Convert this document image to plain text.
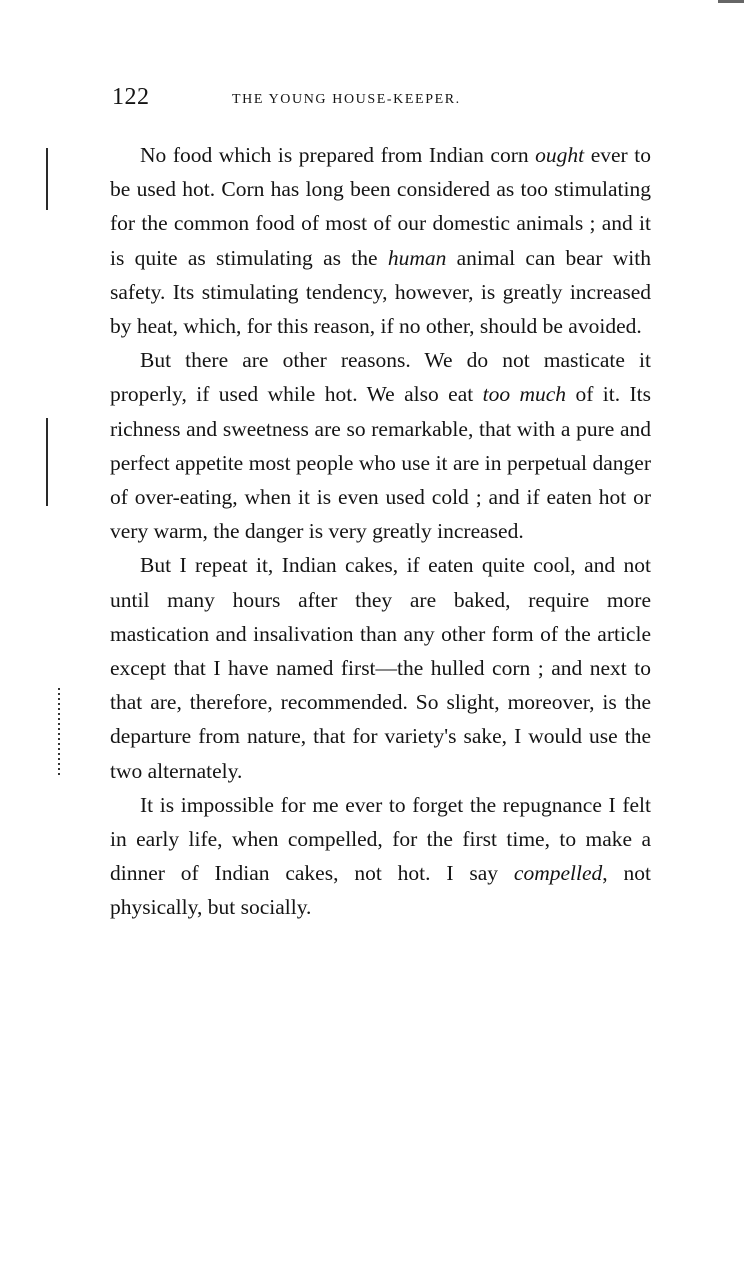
122	THE YOUNG HOUSE-KEEPER.

No food which is prepared from Indian corn ought ever to be used hot. Corn has long been considered as too stimulating for the common food of most of our domestic animals ; and it is quite as stimulating as the human animal can bear with safety. Its stimulating tendency, however, is greatly increased by heat, which, for this reason, if no other, should be avoided.

But there are other reasons. We do not masticate it properly, if used while hot. We also eat too much of it. Its richness and sweetness are so remarkable, that with a pure and perfect appetite most people who use it are in perpetual danger of over-eating, when it is even used cold ; and if eaten hot or very warm, the danger is very greatly increased.

But I repeat it, Indian cakes, if eaten quite cool, and not until many hours after they are baked, require more mastication and insalivation than any other form of the article except that I have named first—the hulled corn ; and next to that are, therefore, recommended. So slight, moreover, is the departure from nature, that for variety's sake, I would use the two alternately.

It is impossible for me ever to forget the repugnance I felt in early life, when compelled, for the first time, to make a dinner of Indian cakes, not hot. I say compelled, not physically, but socially.
